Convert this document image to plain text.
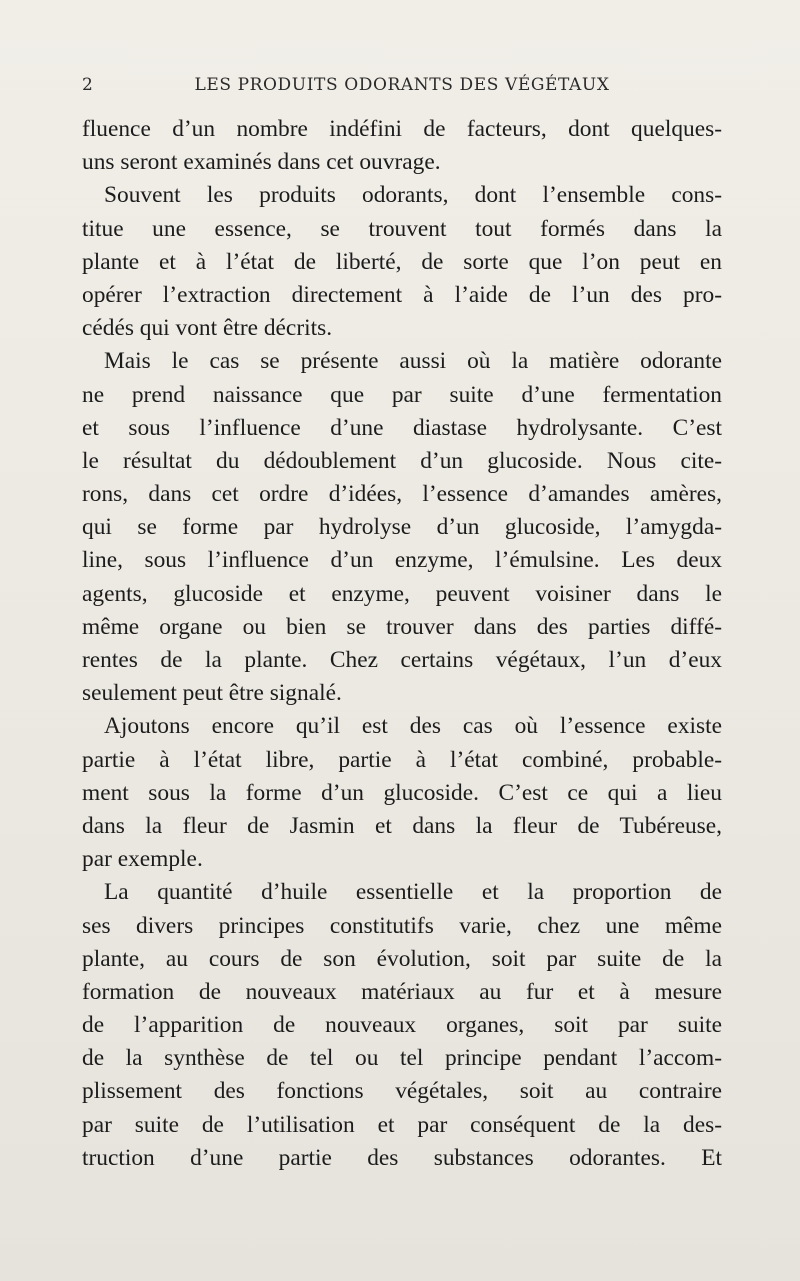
2	LES PRODUITS ODORANTS DES VÉGÉTAUX
fluence d’un nombre indéfini de facteurs, dont quelques-
uns seront examinés dans cet ouvrage.
Souvent les produits odorants, dont l’ensemble cons-
titue une essence, se trouvent tout formés dans la
plante et à l’état de liberté, de sorte que l’on peut en
opérer l’extraction directement à l’aide de l’un des pro-
cédés qui vont être décrits.
Mais le cas se présente aussi où la matière odorante
ne prend naissance que par suite d’une fermentation
et sous l’influence d’une diastase hydrolysante. C’est
le résultat du dédoublement d’un glucoside. Nous cite-
rons, dans cet ordre d’idées, l’essence d’amandes amères,
qui se forme par hydrolyse d’un glucoside, l’amygda-
line, sous l’influence d’un enzyme, l’émulsine. Les deux
agents, glucoside et enzyme, peuvent voisiner dans le
même organe ou bien se trouver dans des parties diffé-
rentes de la plante. Chez certains végétaux, l’un d’eux
seulement peut être signalé.
Ajoutons encore qu’il est des cas où l’essence existe
partie à l’état libre, partie à l’état combiné, probable-
ment sous la forme d’un glucoside. C’est ce qui a lieu
dans la fleur de Jasmin et dans la fleur de Tubéreuse,
par exemple.
La quantité d’huile essentielle et la proportion de
ses divers principes constitutifs varie, chez une même
plante, au cours de son évolution, soit par suite de la
formation de nouveaux matériaux au fur et à mesure
de l’apparition de nouveaux organes, soit par suite
de la synthèse de tel ou tel principe pendant l’accom-
plissement des fonctions végétales, soit au contraire
par suite de l’utilisation et par conséquent de la des-
truction d’une partie des substances odorantes. Et
